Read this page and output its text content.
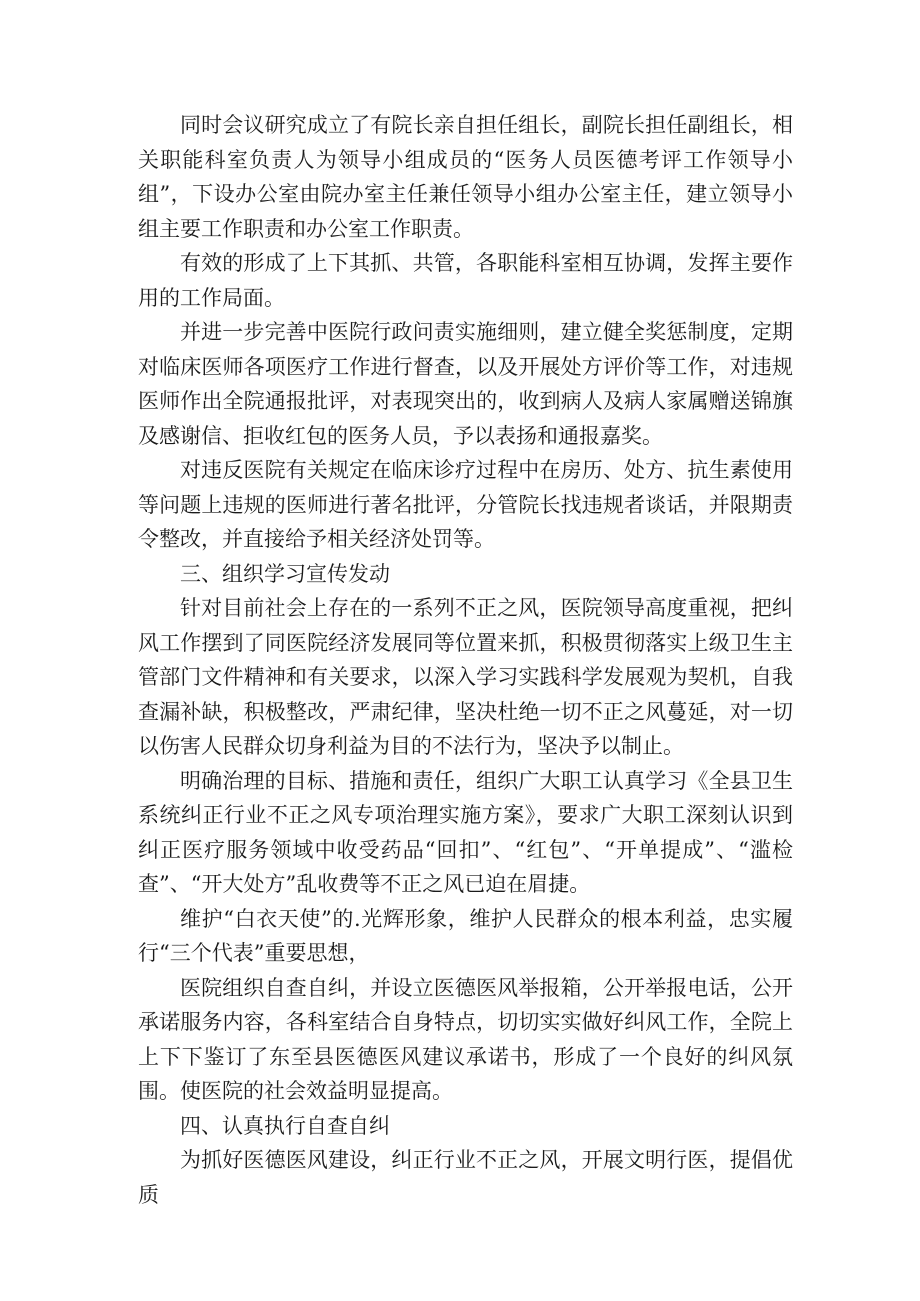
同时会议研究成立了有院长亲自担任组长，副院长担任副组长，相关职能科室负责人为领导小组成员的“医务人员医德考评工作领导小组”，下设办公室由院办室主任兼任领导小组办公室主任，建立领导小组主要工作职责和办公室工作职责。

有效的形成了上下其抓、共管，各职能科室相互协调，发挥主要作用的工作局面。

并进一步完善中医院行政问责实施细则，建立健全奖惩制度，定期对临床医师各项医疗工作进行督查，以及开展处方评价等工作，对违规医师作出全院通报批评，对表现突出的，收到病人及病人家属赠送锦旗及感谢信、拒收红包的医务人员，予以表扬和通报嘉奖。

对违反医院有关规定在临床诊疗过程中在房历、处方、抗生素使用等问题上违规的医师进行著名批评，分管院长找违规者谈话，并限期责令整改，并直接给予相关经济处罚等。

三、组织学习宣传发动

针对目前社会上存在的一系列不正之风，医院领导高度重视，把纠风工作摆到了同医院经济发展同等位置来抓，积极贯彻落实上级卫生主管部门文件精神和有关要求，以深入学习实践科学发展观为契机，自我查漏补缺，积极整改，严肃纪律，坚决杜绝一切不正之风蔓延，对一切以伤害人民群众切身利益为目的不法行为，坚决予以制止。

明确治理的目标、措施和责任，组织广大职工认真学习《全县卫生系统纠正行业不正之风专项治理实施方案》，要求广大职工深刻认识到纠正医疗服务领域中收受药品“回扣”、“红包”、“开单提成”、“滥检查”、“开大处方”乱收费等不正之风已迫在眉捷。

维护“白衣天使”的.光辉形象，维护人民群众的根本利益，忠实履行“三个代表”重要思想，

医院组织自查自纠，并设立医德医风举报箱，公开举报电话，公开承诺服务内容，各科室结合自身特点，切切实实做好纠风工作，全院上上下下鉴订了东至县医德医风建议承诺书，形成了一个良好的纠风氛围。使医院的社会效益明显提高。

四、认真执行自查自纠

为抓好医德医风建设，纠正行业不正之风，开展文明行医，提倡优质
